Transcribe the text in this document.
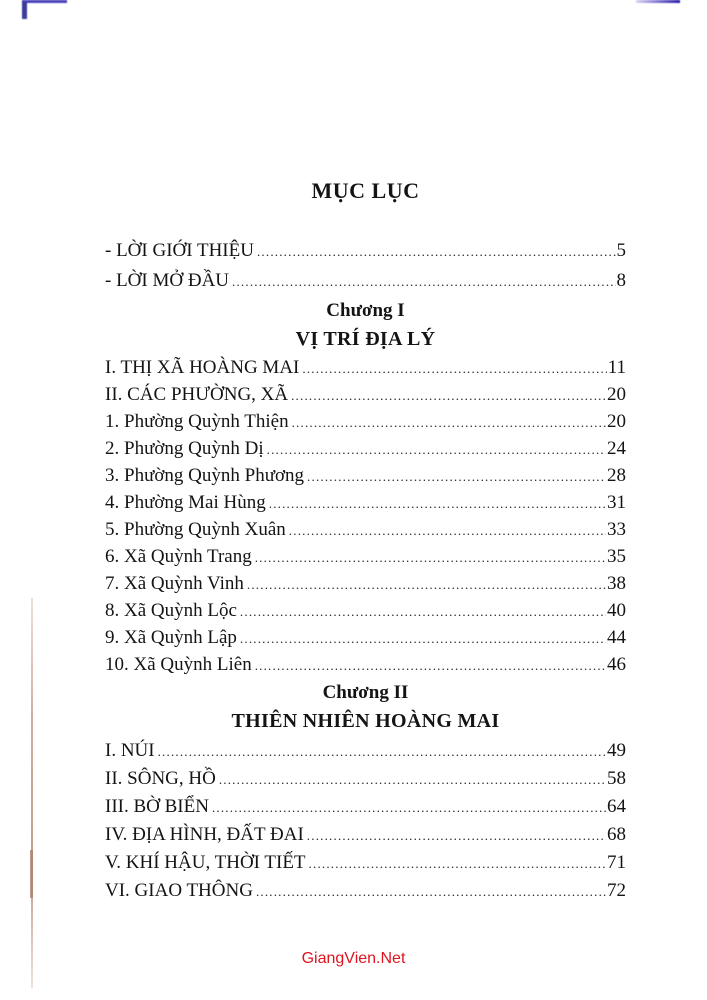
MỤC LỤC
- LỜI GIỚI THIỆU .....	5
- LỜI MỞ ĐẦU .....	8
Chương I
VỊ TRÍ ĐỊA LÝ
I. THỊ XÃ HOÀNG MAI .....	11
II. CÁC PHƯỜNG, XÃ .....	20
1. Phường Quỳnh Thiện .....	20
2. Phường Quỳnh Dị .....	24
3. Phường Quỳnh Phương .....	28
4. Phường Mai Hùng .....	31
5. Phường Quỳnh Xuân .....	33
6. Xã Quỳnh Trang .....	35
7. Xã Quỳnh Vinh .....	38
8. Xã Quỳnh Lộc .....	40
9. Xã Quỳnh Lập .....	44
10. Xã Quỳnh Liên .....	46
Chương II
THIÊN NHIÊN HOÀNG MAI
I. NÚI .....	49
II. SÔNG, HỒ .....	58
III. BỜ BIỂN .....	64
IV. ĐỊA HÌNH, ĐẤT ĐAI .....	68
V. KHÍ HẬU, THỜI TIẾT .....	71
VI. GIAO THÔNG .....	72
GiangVien.Net
